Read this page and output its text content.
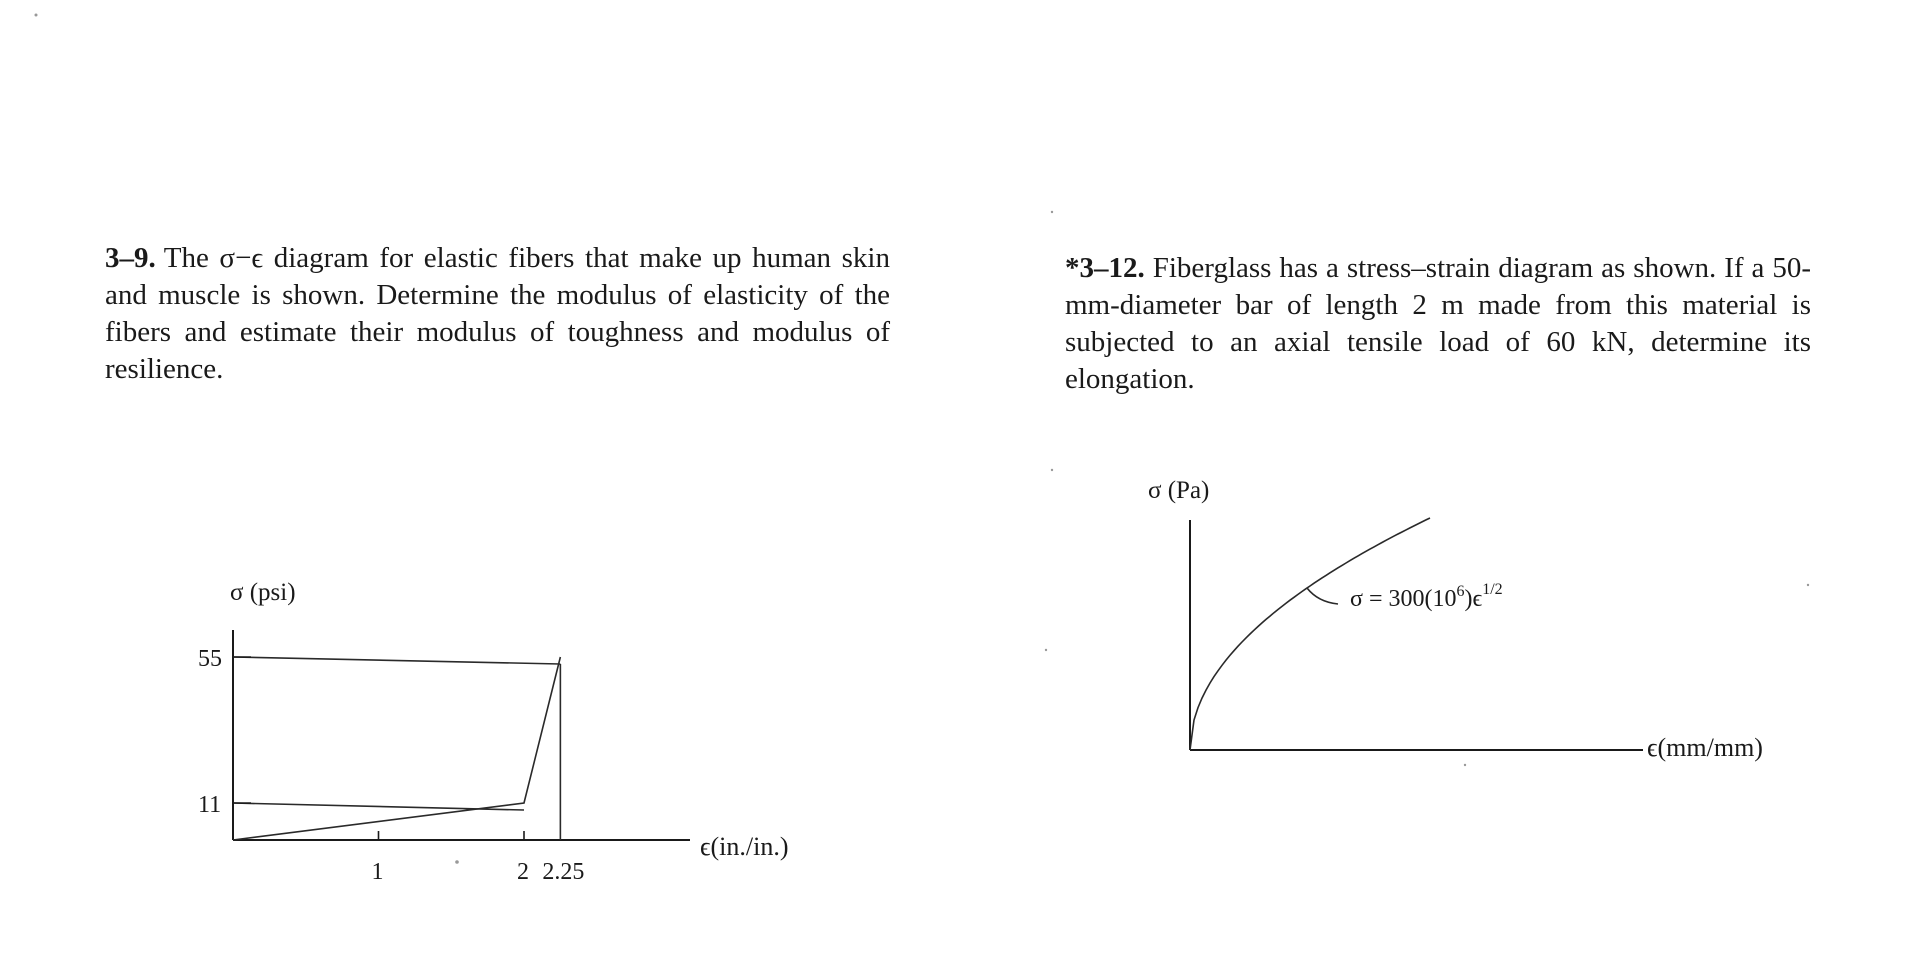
3–9. The σ−ϵ diagram for elastic fibers that make up human skin and muscle is shown. Determine the modulus of elasticity of the fibers and estimate their modulus of toughness and modulus of resilience.
*3–12. Fiberglass has a stress–strain diagram as shown. If a 50-mm-diameter bar of length 2 m made from this material is subjected to an axial tensile load of 60 kN, determine its elongation.
1	2 2.25
55
11
σ (psi)
ϵ(in./in.)
σ (Pa)
ϵ(mm/mm)
$\sigma = 300(10^6)\epsilon^{1/2}$
